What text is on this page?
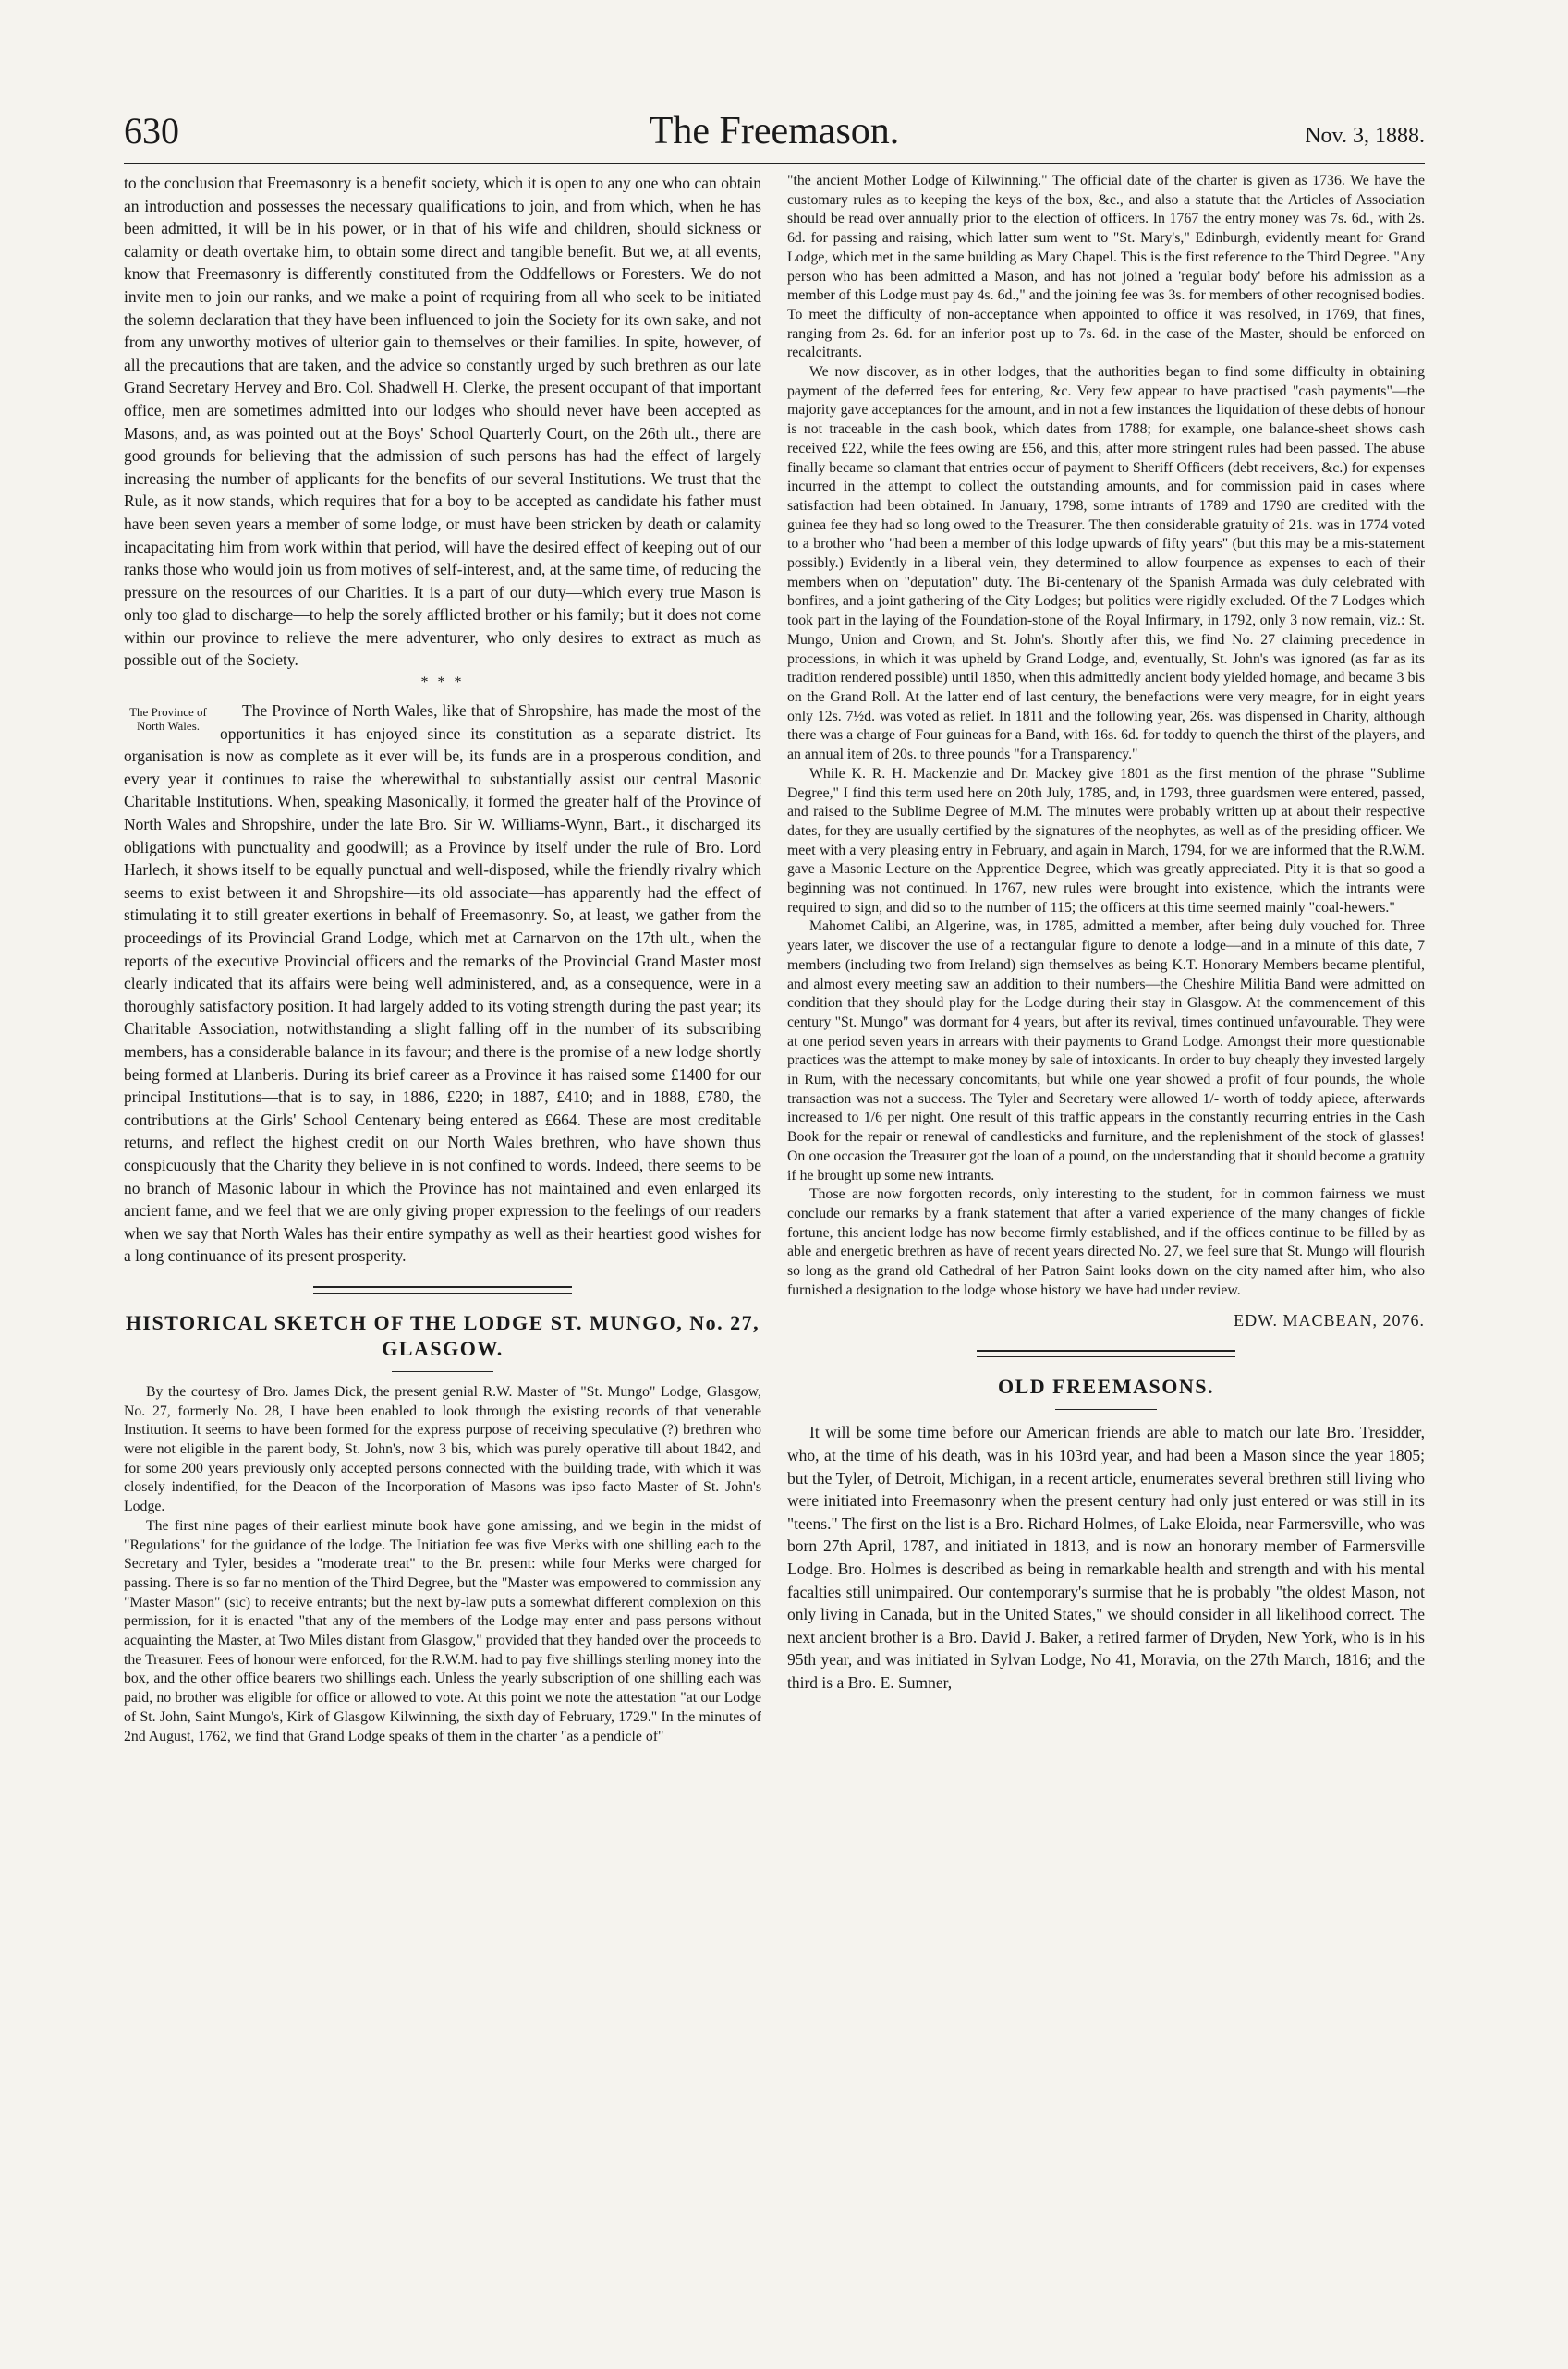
630	The Freemason.	Nov. 3, 1888.

to the conclusion that Freemasonry is a benefit society, which it is open to any one who can obtain an introduction and possesses the necessary qualifications to join, and from which, when he has been admitted, it will be in his power, or in that of his wife and children, should sickness or calamity or death overtake him, to obtain some direct and tangible benefit. But we, at all events, know that Freemasonry is differently constituted from the Oddfellows or Foresters. We do not invite men to join our ranks, and we make a point of requiring from all who seek to be initiated the solemn declaration that they have been influenced to join the Society for its own sake, and not from any unworthy motives of ulterior gain to themselves or their families. In spite, however, of all the precautions that are taken, and the advice so constantly urged by such brethren as our late Grand Secretary Hervey and Bro. Col. Shadwell H. Clerke, the present occupant of that important office, men are sometimes admitted into our lodges who should never have been accepted as Masons, and, as was pointed out at the Boys' School Quarterly Court, on the 26th ult., there are good grounds for believing that the admission of such persons has had the effect of largely increasing the number of applicants for the benefits of our several Institutions. We trust that the Rule, as it now stands, which requires that for a boy to be accepted as candidate his father must have been seven years a member of some lodge, or must have been stricken by death or calamity incapacitating him from work within that period, will have the desired effect of keeping out of our ranks those who would join us from motives of self-interest, and, at the same time, of reducing the pressure on the resources of our Charities. It is a part of our duty—which every true Mason is only too glad to discharge—to help the sorely afflicted brother or his family; but it does not come within our province to relieve the mere adventurer, who only desires to extract as much as possible out of the Society.

* * *
The Province of North Wales.

The Province of North Wales, like that of Shropshire, has made the most of the opportunities it has enjoyed since its constitution as a separate district. Its organisation is now as complete as it ever will be, its funds are in a prosperous condition, and every year it continues to raise the wherewithal to substantially assist our central Masonic Charitable Institutions. When, speaking Masonically, it formed the greater half of the Province of North Wales and Shropshire, under the late Bro. Sir W. Williams-Wynn, Bart., it discharged its obligations with punctuality and goodwill; as a Province by itself under the rule of Bro. Lord Harlech, it shows itself to be equally punctual and well-disposed, while the friendly rivalry which seems to exist between it and Shropshire—its old associate—has apparently had the effect of stimulating it to still greater exertions in behalf of Freemasonry. So, at least, we gather from the proceedings of its Provincial Grand Lodge, which met at Carnarvon on the 17th ult., when the reports of the executive Provincial officers and the remarks of the Provincial Grand Master most clearly indicated that its affairs were being well administered, and, as a consequence, were in a thoroughly satisfactory position. It had largely added to its voting strength during the past year; its Charitable Association, notwithstanding a slight falling off in the number of its subscribing members, has a considerable balance in its favour; and there is the promise of a new lodge shortly being formed at Llanberis. During its brief career as a Province it has raised some £1400 for our principal Institutions—that is to say, in 1886, £220; in 1887, £410; and in 1888, £780, the contributions at the Girls' School Centenary being entered as £664. These are most creditable returns, and reflect the highest credit on our North Wales brethren, who have shown thus conspicuously that the Charity they believe in is not confined to words. Indeed, there seems to be no branch of Masonic labour in which the Province has not maintained and even enlarged its ancient fame, and we feel that we are only giving proper expression to the feelings of our readers when we say that North Wales has their entire sympathy as well as their heartiest good wishes for a long continuance of its present prosperity.

HISTORICAL SKETCH OF THE LODGE ST. MUNGO, No. 27, GLASGOW.

By the courtesy of Bro. James Dick, the present genial R.W. Master of "St. Mungo" Lodge, Glasgow, No. 27, formerly No. 28, I have been enabled to look through the existing records of that venerable Institution. It seems to have been formed for the express purpose of receiving speculative (?) brethren who were not eligible in the parent body, St. John's, now 3 bis, which was purely operative till about 1842, and for some 200 years previously only accepted persons connected with the building trade, with which it was closely indentified, for the Deacon of the Incorporation of Masons was ipso facto Master of St. John's Lodge.

The first nine pages of their earliest minute book have gone amissing, and we begin in the midst of "Regulations" for the guidance of the lodge. The Initiation fee was five Merks with one shilling each to the Secretary and Tyler, besides a "moderate treat" to the Br. present: while four Merks were charged for passing. There is so far no mention of the Third Degree, but the "Master was empowered to commission any "Master Mason" (sic) to receive entrants; but the next by-law puts a somewhat different complexion on this permission, for it is enacted "that any of the members of the Lodge may enter and pass persons without acquainting the Master, at Two Miles distant from Glasgow," provided that they handed over the proceeds to the Treasurer. Fees of honour were enforced, for the R.W.M. had to pay five shillings sterling money into the box, and the other office bearers two shillings each. Unless the yearly subscription of one shilling each was paid, no brother was eligible for office or allowed to vote. At this point we note the attestation "at our Lodge of St. John, Saint Mungo's, Kirk of Glasgow Kilwinning, the sixth day of February, 1729." In the minutes of 2nd August, 1762, we find that Grand Lodge speaks of them in the charter "as a pendicle of"

"the ancient Mother Lodge of Kilwinning." The official date of the charter is given as 1736. We have the customary rules as to keeping the keys of the box, &c., and also a statute that the Articles of Association should be read over annually prior to the election of officers. In 1767 the entry money was 7s. 6d., with 2s. 6d. for passing and raising, which latter sum went to "St. Mary's," Edinburgh, evidently meant for Grand Lodge, which met in the same building as Mary Chapel. This is the first reference to the Third Degree. "Any person who has been admitted a Mason, and has not joined a 'regular body' before his admission as a member of this Lodge must pay 4s. 6d.," and the joining fee was 3s. for members of other recognised bodies. To meet the difficulty of non-acceptance when appointed to office it was resolved, in 1769, that fines, ranging from 2s. 6d. for an inferior post up to 7s. 6d. in the case of the Master, should be enforced on recalcitrants.

We now discover, as in other lodges, that the authorities began to find some difficulty in obtaining payment of the deferred fees for entering, &c. Very few appear to have practised "cash payments"—the majority gave acceptances for the amount, and in not a few instances the liquidation of these debts of honour is not traceable in the cash book, which dates from 1788; for example, one balance-sheet shows cash received £22, while the fees owing are £56, and this, after more stringent rules had been passed. The abuse finally became so clamant that entries occur of payment to Sheriff Officers (debt receivers, &c.) for expenses incurred in the attempt to collect the outstanding amounts, and for commission paid in cases where satisfaction had been obtained. In January, 1798, some intrants of 1789 and 1790 are credited with the guinea fee they had so long owed to the Treasurer. The then considerable gratuity of 21s. was in 1774 voted to a brother who "had been a member of this lodge upwards of fifty years" (but this may be a mis-statement possibly.) Evidently in a liberal vein, they determined to allow fourpence as expenses to each of their members when on "deputation" duty. The Bi-centenary of the Spanish Armada was duly celebrated with bonfires, and a joint gathering of the City Lodges; but politics were rigidly excluded. Of the 7 Lodges which took part in the laying of the Foundation-stone of the Royal Infirmary, in 1792, only 3 now remain, viz.: St. Mungo, Union and Crown, and St. John's. Shortly after this, we find No. 27 claiming precedence in processions, in which it was upheld by Grand Lodge, and, eventually, St. John's was ignored (as far as its tradition rendered possible) until 1850, when this admittedly ancient body yielded homage, and became 3 bis on the Grand Roll. At the latter end of last century, the benefactions were very meagre, for in eight years only 12s. 7½d. was voted as relief. In 1811 and the following year, 26s. was dispensed in Charity, although there was a charge of Four guineas for a Band, with 16s. 6d. for toddy to quench the thirst of the players, and an annual item of 20s. to three pounds "for a Transparency."

While K. R. H. Mackenzie and Dr. Mackey give 1801 as the first mention of the phrase "Sublime Degree," I find this term used here on 20th July, 1785, and, in 1793, three guardsmen were entered, passed, and raised to the Sublime Degree of M.M. The minutes were probably written up at about their respective dates, for they are usually certified by the signatures of the neophytes, as well as of the presiding officer. We meet with a very pleasing entry in February, and again in March, 1794, for we are informed that the R.W.M. gave a Masonic Lecture on the Apprentice Degree, which was greatly appreciated. Pity it is that so good a beginning was not continued. In 1767, new rules were brought into existence, which the intrants were required to sign, and did so to the number of 115; the officers at this time seemed mainly "coal-hewers."

Mahomet Calibi, an Algerine, was, in 1785, admitted a member, after being duly vouched for. Three years later, we discover the use of a rectangular figure to denote a lodge—and in a minute of this date, 7 members (including two from Ireland) sign themselves as being K.T. Honorary Members became plentiful, and almost every meeting saw an addition to their numbers—the Cheshire Militia Band were admitted on condition that they should play for the Lodge during their stay in Glasgow. At the commencement of this century "St. Mungo" was dormant for 4 years, but after its revival, times continued unfavourable. They were at one period seven years in arrears with their payments to Grand Lodge. Amongst their more questionable practices was the attempt to make money by sale of intoxicants. In order to buy cheaply they invested largely in Rum, with the necessary concomitants, but while one year showed a profit of four pounds, the whole transaction was not a success. The Tyler and Secretary were allowed 1/- worth of toddy apiece, afterwards increased to 1/6 per night. One result of this traffic appears in the constantly recurring entries in the Cash Book for the repair or renewal of candlesticks and furniture, and the replenishment of the stock of glasses! On one occasion the Treasurer got the loan of a pound, on the understanding that it should become a gratuity if he brought up some new intrants.

Those are now forgotten records, only interesting to the student, for in common fairness we must conclude our remarks by a frank statement that after a varied experience of the many changes of fickle fortune, this ancient lodge has now become firmly established, and if the offices continue to be filled by as able and energetic brethren as have of recent years directed No. 27, we feel sure that St. Mungo will flourish so long as the grand old Cathedral of her Patron Saint looks down on the city named after him, who also furnished a designation to the lodge whose history we have had under review.

EDW. MACBEAN, 2076.
OLD FREEMASONS.

It will be some time before our American friends are able to match our late Bro. Tresidder, who, at the time of his death, was in his 103rd year, and had been a Mason since the year 1805; but the Tyler, of Detroit, Michigan, in a recent article, enumerates several brethren still living who were initiated into Freemasonry when the present century had only just entered or was still in its "teens." The first on the list is a Bro. Richard Holmes, of Lake Eloida, near Farmersville, who was born 27th April, 1787, and initiated in 1813, and is now an honorary member of Farmersville Lodge. Bro. Holmes is described as being in remarkable health and strength and with his mental facalties still unimpaired. Our contemporary's surmise that he is probably "the oldest Mason, not only living in Canada, but in the United States," we should consider in all likelihood correct. The next ancient brother is a Bro. David J. Baker, a retired farmer of Dryden, New York, who is in his 95th year, and was initiated in Sylvan Lodge, No 41, Moravia, on the 27th March, 1816; and the third is a Bro. E. Sumner,
